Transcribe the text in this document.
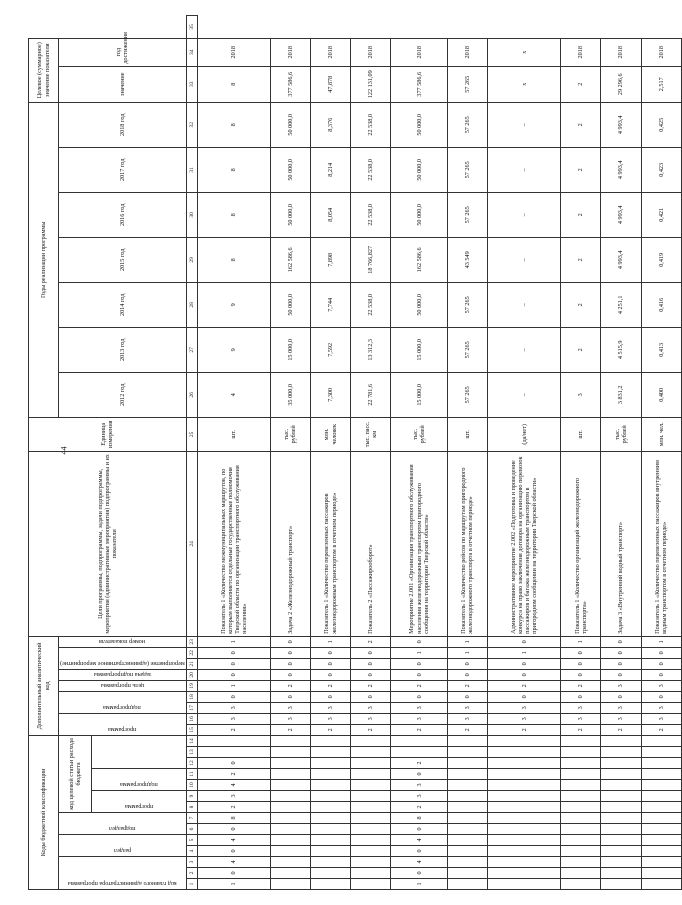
44
Коды бюджетной классификации														Дополнительный аналитический код									Цели программы, подпрограммы, задачи подпрограммы, мероприятия (административные мероприятия) подпрограммы и их показатели	Единица измерения	Годы реализации программы							Целевое (суммарное) значение показателя		

код главного администратора программы			раздел		подраздел		код целевой статьи расхода бюджета							программа		подпрограмма		цель программы	задача подпрограммы	мероприятие (административное мероприятие)		номер показателя			2012 год	2013 год	2014 год	2015 год	2016 год	2017 год	2018 год	значение	год достижения	

							программа		подпрограмма																									

1	2	3	4	5	6	7	8	9	10	11	12	13	14	15	16	17	18	19	20	21	22	23	24	25	26	27	28	29	30	31	32	33	34	35
1	0	4	0	4	0	8	2	3	4	2	0			2	3	3	0	1	0	0	0	1	Показатель 1 «Количество межмуниципальных маршрутов, по которым выполняется отдельные государственные полномочия Тверской области по организации транспортного обслуживания населения»	шт.	4	9	9	8	8	8	8	8	2018	
														2	3	3	0	2	0	0	0	0	Задача 2 «Железнодорожный транспорт»	тыс. рублей	35 000,0	15 000,0	50 000,0	162 586,6	50 000,0	50 000,0	50 000,0	377 586,6	2018	
														2	3	3	0	2	0	0	0	1	Показатель 1 «Количество перевезенных пассажиров железнодорожным транспортом в отчетном периоде»	млн. человек	7,300	7,592	7,744	7,898	8,054	8,214	8,376	47,878	2018	
														2	3	3	0	2	0	0	0	2	Показатель 2 «Пассажирооборот»	тыс. пасс. км	22 781,6	13 312,3	22 538,0	18 766,827	22 538,0	22 538,0	22 538,0	122 131,09	2018	
1	0	4	0	4	0	8	2	3	3	0	2			2	3	3	0	2	0	0	1	0	Мероприятие 2.001 «Организация транспортного обслуживания населения железнодорожным транспортом пригородного сообщения на территории Тверской области»	тыс. рублей	15 000,0	15 000,0	50 000,0	162 586,6	50 000,0	50 000,0	50 000,0	377 586,6	2018	
														2	3	3	0	2	0	0	1	1	Показатель 1 «Количество рейсов по маршрутам пригородного железнодорожного транспорта в отчетном периоде»	шт.	57 265	57 265	57 265	43 549	57 265	57 265	57 265	57 265	2018	
														2	3	3	0	2	0	0	1	0	Административное мероприятие 2.002 «Подготовка и проведение конкурса на право заключения договора на организацию перевозок пассажиров и багажа железнодорожным транспортом в пригородном сообщении на территории Тверской области»	(да/нет)	–	–	–	–	–	–	–	x	x	
														2	3	3	0	2	0	0	0	1	Показатель 1 «Количество организаций железнодорожного транспорта»	шт.	3	2	2	2	2	2	2	2	2018	
														2	3	3	0	3	0	0	0	0	Задача 3 «Внутренний водный транспорт»	тыс. рублей	3 831,2	4 515,9	4 251,1	4 993,4	4 993,4	4 993,4	4 993,4	29 296,6	2018	
														2	3	3	0	3	0	0	0	1	Показатель 1 «Количество перевезенных пассажиров внутренним водным транспортом в отчетном периоде»	млн. чел.	0,400	0,413	0,416	0,419	0,421	0,423	0,425	2,517	2018	
